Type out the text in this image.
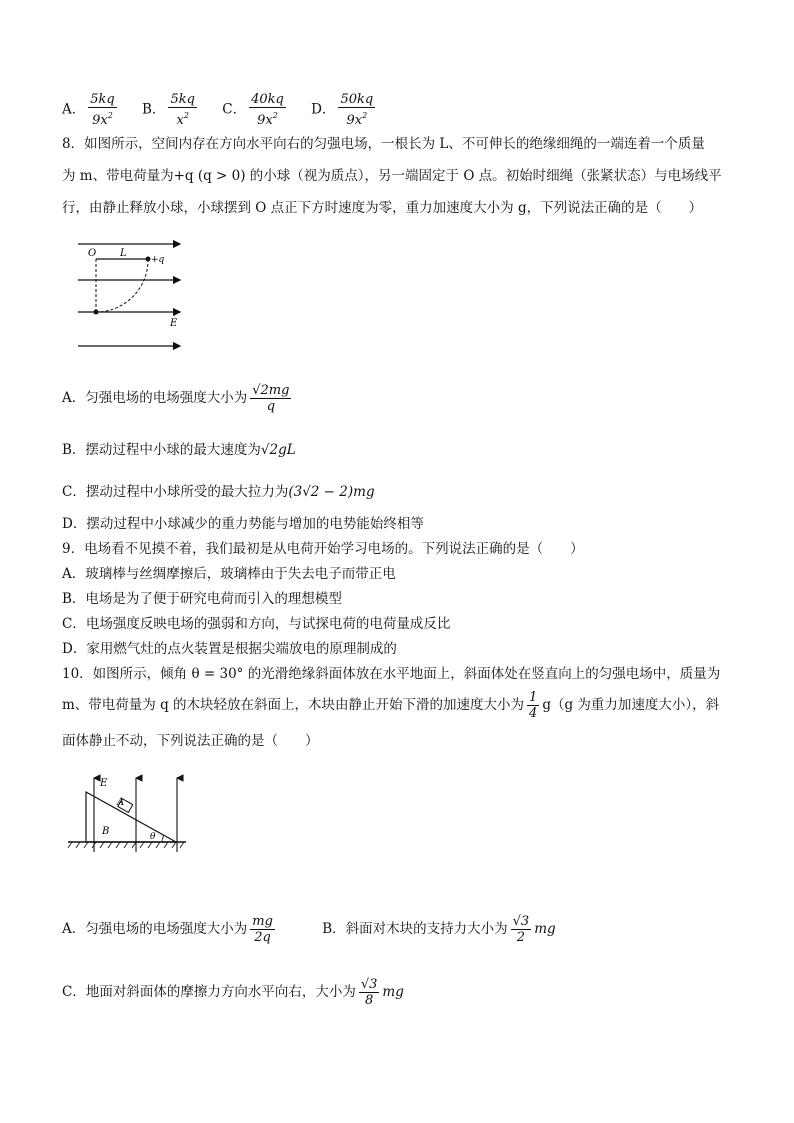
A． $\frac{5kq}{9x^2}$ B． $\frac{5kq}{x^2}$ C． $\frac{40kq}{9x^2}$ D． $\frac{50kq}{9x^2}$
8．如图所示，空间内存在方向水平向右的匀强电场，一根长为 L、不可伸长的绝缘细绳的一端连着一个质量
为 m、带电荷量为+q (q > 0) 的小球（视为质点），另一端固定于 O 点。初始时细绳（张紧状态）与电场线平
行，由静止释放小球，小球摆到 O 点正下方时速度为零，重力加速度大小为 g，下列说法正确的是（　　）
O L
+q
E
A．匀强电场的电场强度大小为 $\frac{√2mg}{q}$
B．摆动过程中小球的最大速度为√2gL
C．摆动过程中小球所受的最大拉力为(3√2 − 2)mg
D．摆动过程中小球减少的重力势能与增加的电势能始终相等
9．电场看不见摸不着，我们最初是从电荷开始学习电场的。下列说法正确的是（　　）
A．玻璃棒与丝绸摩擦后，玻璃棒由于失去电子而带正电
B．电场是为了便于研究电荷而引入的理想模型
C．电场强度反映电场的强弱和方向，与试探电荷的电荷量成反比
D．家用燃气灶的点火装置是根据尖端放电的原理制成的
10．如图所示，倾角 θ = 30° 的光滑绝缘斜面体放在水平地面上，斜面体处在竖直向上的匀强电场中，质量为
m、带电荷量为 q 的木块轻放在斜面上，木块由静止开始下滑的加速度大小为 $\frac{1}{4} g(g$ 为重力加速度大小），斜
面体静止不动，下列说法正确的是（　　）
E
A
B	θ
A．匀强电场的电场强度大小为 $\frac{mg}{2q}$	B．斜面对木块的支持力大小为 $\frac{√3}{2}$ mg
C．地面对斜面体的摩擦力方向水平向右，大小为 $\frac{√3}{8}$ mg
